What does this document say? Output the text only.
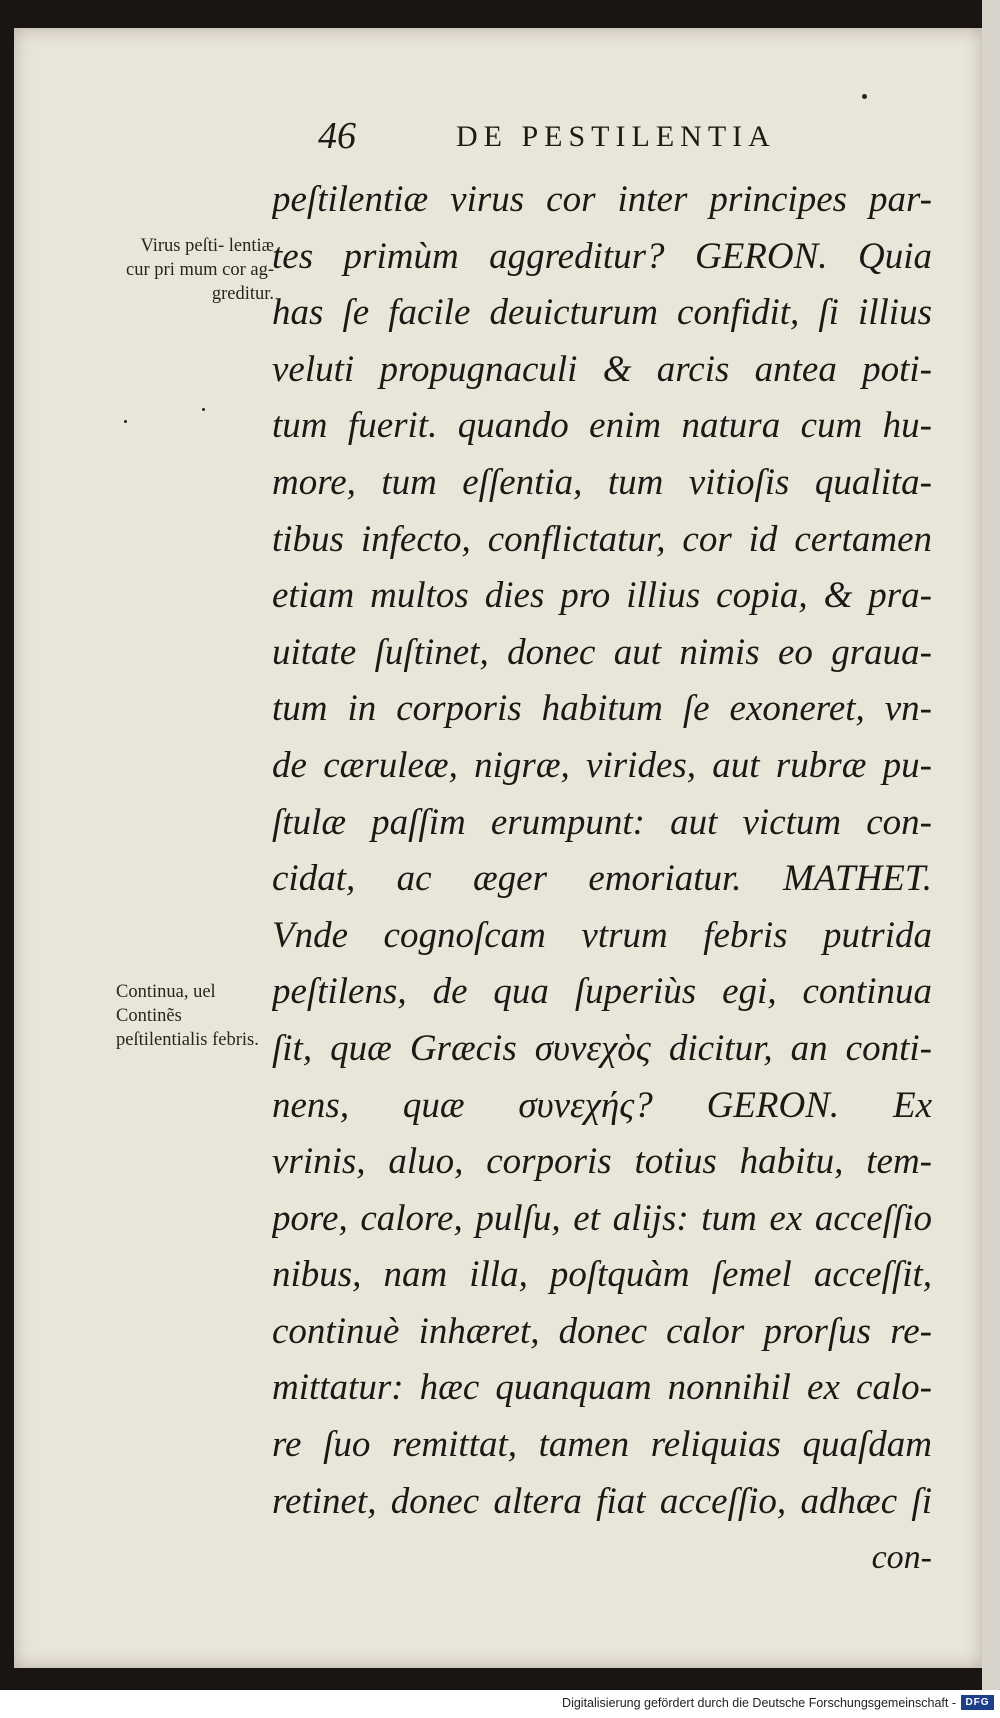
46	DE PESTILENTIA
Virus peſti- lentiæ cur pri mum cor ag- greditur.
Continua, uel Continẽs peſtilentialis febris.
peſtilentiæ virus cor inter principes par-
tes primùm aggreditur? GERON. Quia
has ſe facile deuicturum confidit, ſi illius
veluti propugnaculi & arcis antea poti-
tum fuerit. quando enim natura cum hu-
more, tum eſſentia, tum vitioſis qualita-
tibus infecto, conflictatur, cor id certamen
etiam multos dies pro illius copia, & pra-
uitate ſuſtinet, donec aut nimis eo graua-
tum in corporis habitum ſe exoneret, vn-
de cæruleæ, nigræ, virides, aut rubræ pu-
ſtulæ paſſim erumpunt: aut victum con-
cidat, ac æger emoriatur. MATHET.
Vnde cognoſcam vtrum febris putrida
peſtilens, de qua ſuperiùs egi, continua
ſit, quæ Græcis συνεχὸς dicitur, an conti-
nens, quæ συνεχής? GERON. Ex
vrinis, aluo, corporis totius habitu, tem-
pore, calore, pulſu, et alijs: tum ex acceſſio
nibus, nam illa, poſtquàm ſemel acceſſit,
continuè inhæret, donec calor prorſus re-
mittatur: hæc quanquam nonnihil ex calo-
re ſuo remittat, tamen reliquias quaſdam
retinet, donec altera fiat acceſſio, adhæc ſi
con-
Digitalisierung gefördert durch die Deutsche Forschungsgemeinschaft - DFG
